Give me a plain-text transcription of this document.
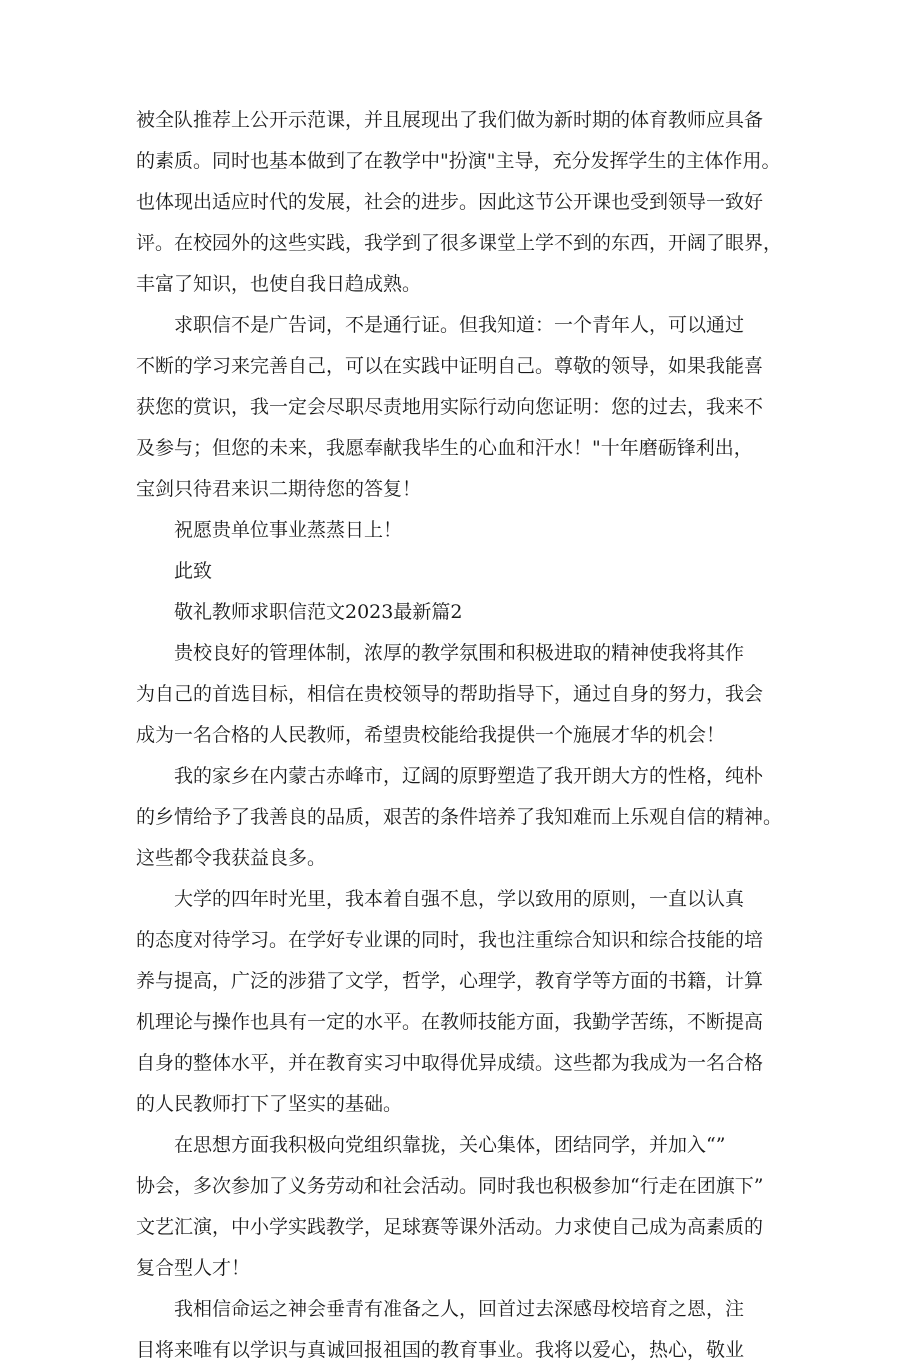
被全队推荐上公开示范课，并且展现出了我们做为新时期的体育教师应具备

的素质。同时也基本做到了在教学中"扮演"主导，充分发挥学生的主体作用。

也体现出适应时代的发展，社会的进步。因此这节公开课也受到领导一致好

评。在校园外的这些实践，我学到了很多课堂上学不到的东西，开阔了眼界，

丰富了知识，也使自我日趋成熟。

求职信不是广告词，不是通行证。但我知道：一个青年人，可以通过

不断的学习来完善自己，可以在实践中证明自己。尊敬的领导，如果我能喜

获您的赏识，我一定会尽职尽责地用实际行动向您证明：您的过去，我来不

及参与；但您的未来，我愿奉献我毕生的心血和汗水！"十年磨砺锋利出，

宝剑只待君来识二期待您的答复！

祝愿贵单位事业蒸蒸日上！

此致

敬礼教师求职信范文2023最新篇2

贵校良好的管理体制，浓厚的教学氛围和积极进取的精神使我将其作

为自己的首选目标，相信在贵校领导的帮助指导下，通过自身的努力，我会

成为一名合格的人民教师，希望贵校能给我提供一个施展才华的机会！

我的家乡在内蒙古赤峰市，辽阔的原野塑造了我开朗大方的性格，纯朴

的乡情给予了我善良的品质，艰苦的条件培养了我知难而上乐观自信的精神。

这些都令我获益良多。

大学的四年时光里，我本着自强不息，学以致用的原则，一直以认真

的态度对待学习。在学好专业课的同时，我也注重综合知识和综合技能的培

养与提高，广泛的涉猎了文学，哲学，心理学，教育学等方面的书籍，计算

机理论与操作也具有一定的水平。在教师技能方面，我勤学苦练，不断提高

自身的整体水平，并在教育实习中取得优异成绩。这些都为我成为一名合格

的人民教师打下了坚实的基础。

在思想方面我积极向党组织靠拢，关心集体，团结同学，并加入“”

协会，多次参加了义务劳动和社会活动。同时我也积极参加“行走在团旗下”

文艺汇演，中小学实践教学，足球赛等课外活动。力求使自己成为高素质的

复合型人才！

我相信命运之神会垂青有准备之人，回首过去深感母校培育之恩，注

目将来唯有以学识与真诚回报祖国的教育事业。我将以爱心，热心，敬业
